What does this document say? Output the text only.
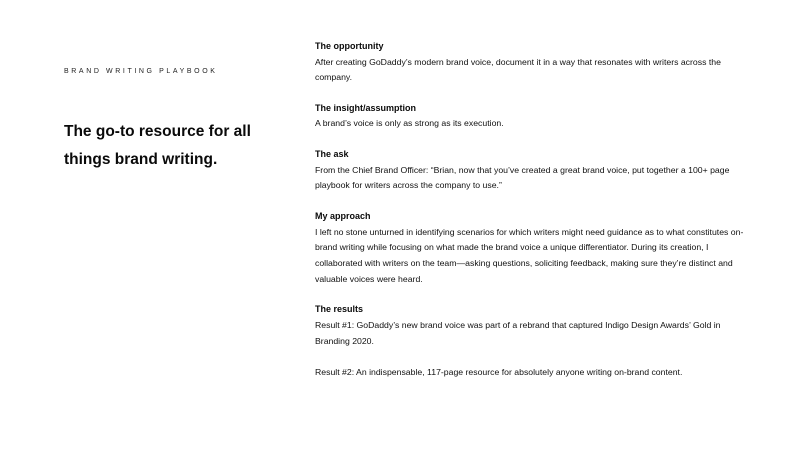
BRAND WRITING PLAYBOOK
The go-to resource for all things brand writing.
The opportunity

After creating GoDaddy’s modern brand voice, document it in a way that resonates with writers across the company.

The insight/assumption

A brand’s voice is only as strong as its execution.

The ask

From the Chief Brand Officer: “Brian, now that you’ve created a great brand voice, put together a 100+ page playbook for writers across the company to use.”

My approach

I left no stone unturned in identifying scenarios for which writers might need guidance as to what constitutes on-brand writing while focusing on what made the brand voice a unique differentiator. During its creation, I collaborated with writers on the team—asking questions, soliciting feedback, making sure they’re distinct and valuable voices were heard.

The results

Result #1: GoDaddy’s new brand voice was part of a rebrand that captured Indigo Design Awards’ Gold in Branding 2020.

Result #2: An indispensable, 117-page resource for absolutely anyone writing on-brand content.
